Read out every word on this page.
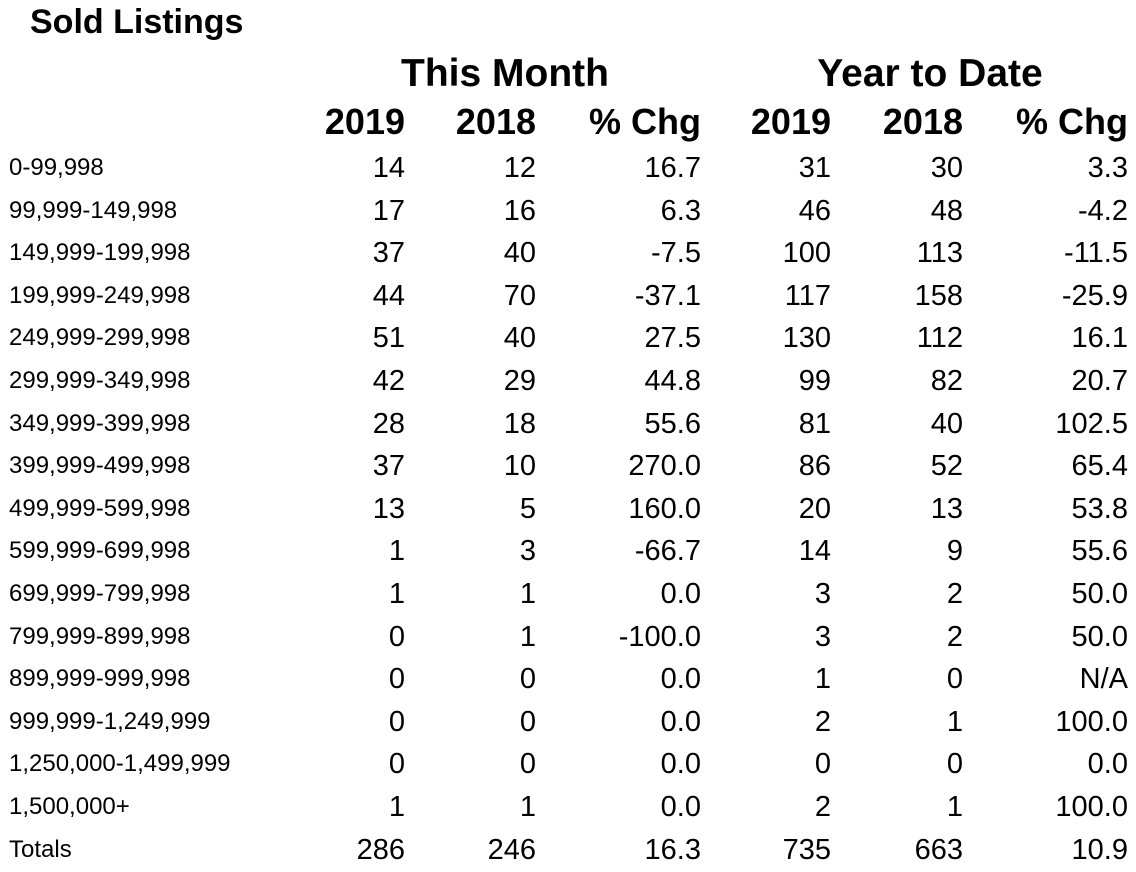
Sold Listings
This Month	Year to Date
2019 2018 % Chg 2019 2018 % Chg
0-99,998	14	12	16.7	31	30	3.3
99,999-149,998	17	16	6.3	46	48	-4.2
149,999-199,998	37	40	-7.5	100	113	-11.5
199,999-249,998	44	70	-37.1	117	158	-25.9
249,999-299,998	51	40	27.5	130	112	16.1
299,999-349,998	42	29	44.8	99	82	20.7
349,999-399,998	28	18	55.6	81	40	102.5
399,999-499,998	37	10	270.0	86	52	65.4
499,999-599,998	13	5	160.0	20	13	53.8
599,999-699,998	1	3	-66.7	14	9	55.6
699,999-799,998	1	1	0.0	3	2	50.0
799,999-899,998	0	1	-100.0	3	2	50.0
899,999-999,998	0	0	0.0	1	0	N/A
999,999-1,249,999	0	0	0.0	2	1	100.0
1,250,000-1,499,999	0	0	0.0	0	0	0.0
1,500,000+	1	1	0.0	2	1	100.0
Totals	286	246	16.3	735	663	10.9
